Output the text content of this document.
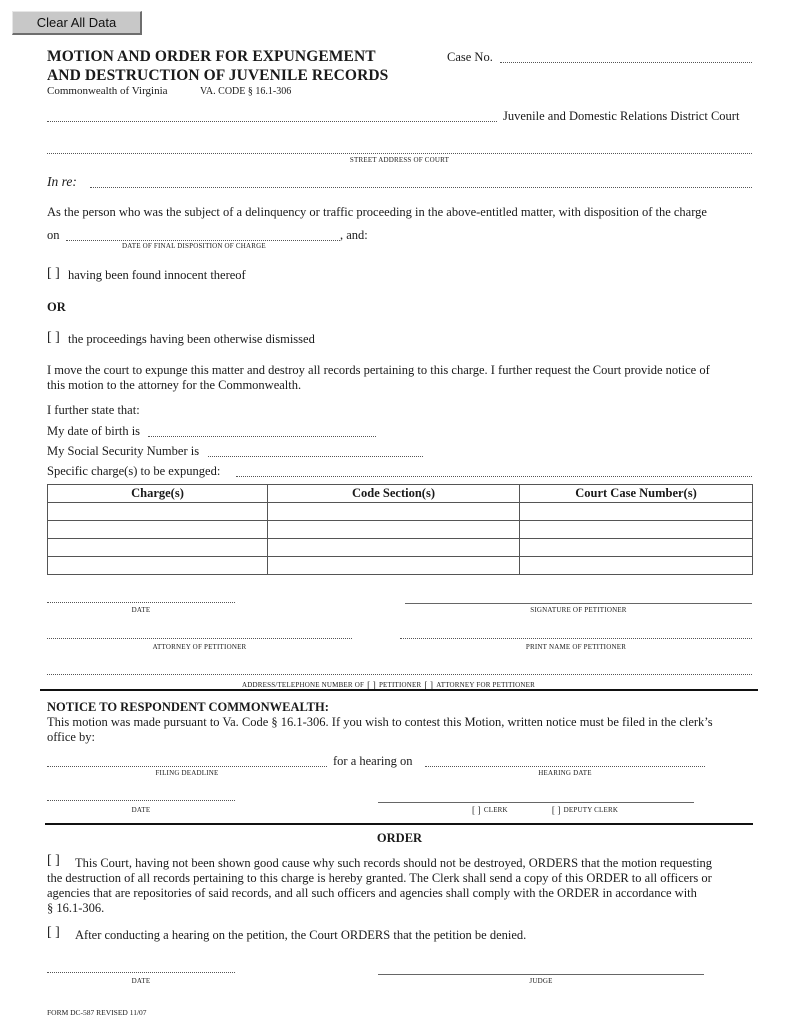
Clear All Data
MOTION AND ORDER FOR EXPUNGEMENT
AND DESTRUCTION OF JUVENILE RECORDS
Commonwealth of Virginia	VA. CODE § 16.1-306
Case No.
Juvenile and Domestic Relations District Court
STREET ADDRESS OF COURT
In re:
As the person who was the subject of a delinquency or traffic proceeding in the above-entitled matter, with disposition of the charge
on	, and:
DATE OF FINAL DISPOSITION OF CHARGE
[ ] having been found innocent thereof
OR
[ ] the proceedings having been otherwise dismissed
I move the court to expunge this matter and destroy all records pertaining to this charge. I further request the Court provide notice of
this motion to the attorney for the Commonwealth.
I further state that:
My date of birth is
My Social Security Number is
Specific charge(s) to be expunged:
Charge(s)	Code Section(s)	Court Case Number(s)

DATE	SIGNATURE OF PETITIONER
ATTORNEY OF PETITIONER	PRINT NAME OF PETITIONER
ADDRESS/TELEPHONE NUMBER OF [ ] PETITIONER [ ] ATTORNEY FOR PETITIONER
NOTICE TO RESPONDENT COMMONWEALTH:
This motion was made pursuant to Va. Code § 16.1-306. If you wish to contest this Motion, written notice must be filed in the clerk’s
office by:
FILING DEADLINE
for a hearing on
HEARING DATE
DATE	[ ] CLERK	[ ] DEPUTY CLERK
ORDER
[ ] This Court, having not been shown good cause why such records should not be destroyed, ORDERS that the motion requesting
the destruction of all records pertaining to this charge is hereby granted. The Clerk shall send a copy of this ORDER to all officers or
agencies that are repositories of said records, and all such officers and agencies shall comply with the ORDER in accordance with
§ 16.1-306.
[ ] After conducting a hearing on the petition, the Court ORDERS that the petition be denied.
DATE	JUDGE
FORM DC-587 REVISED 11/07
